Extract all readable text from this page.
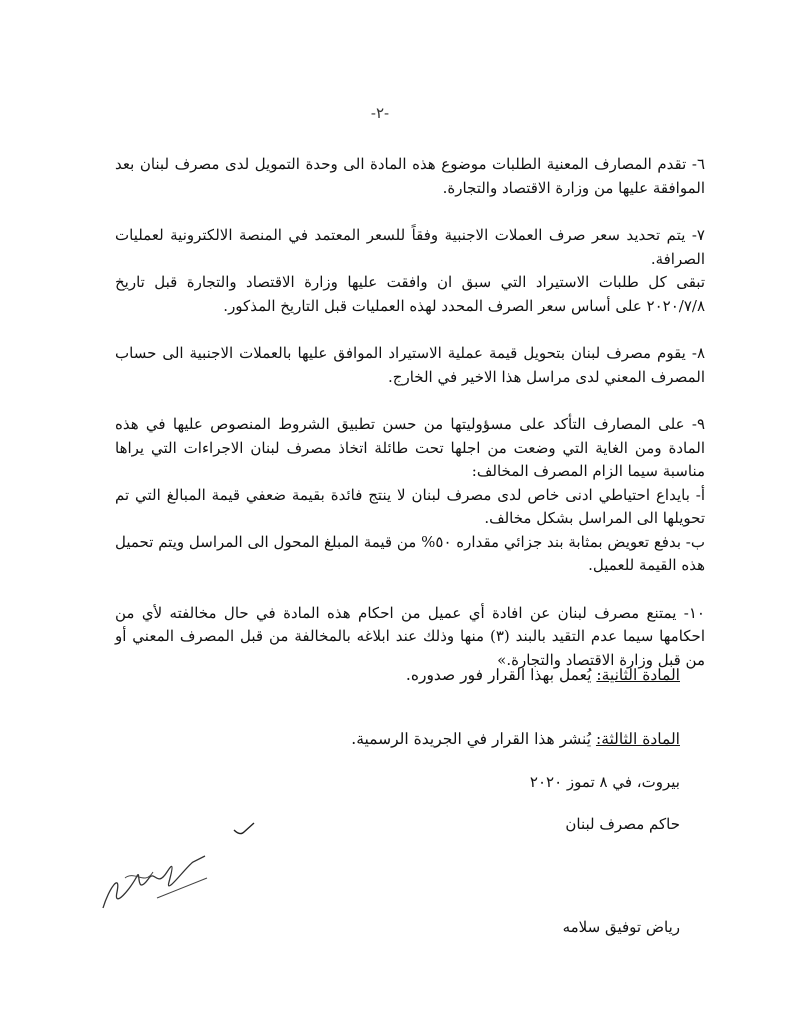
-٢-

٦- تقدم المصارف المعنية الطلبات موضوع هذه المادة الى وحدة التمويل لدى مصرف لبنان بعد الموافقة عليها من وزارة الاقتصاد والتجارة.

٧- يتم تحديد سعر صرف العملات الاجنبية وفقاً للسعر المعتمد في المنصة الالكترونية لعمليات الصرافة.

تبقى كل طلبات الاستيراد التي سبق ان وافقت عليها وزارة الاقتصاد والتجارة قبل تاريخ ٢٠٢٠/٧/٨ على أساس سعر الصرف المحدد لهذه العمليات قبل التاريخ المذكور.

٨- يقوم مصرف لبنان بتحويل قيمة عملية الاستيراد الموافق عليها بالعملات الاجنبية الى حساب المصرف المعني لدى مراسل هذا الاخير في الخارج.

٩- على المصارف التأكد على مسؤوليتها من حسن تطبيق الشروط المنصوص عليها في هذه المادة ومن الغاية التي وضعت من اجلها تحت طائلة اتخاذ مصرف لبنان الاجراءات التي يراها مناسبة سيما الزام المصرف المخالف:

أ- بايداع احتياطي ادنى خاص لدى مصرف لبنان لا ينتج فائدة بقيمة ضعفي قيمة المبالغ التي تم تحويلها الى المراسل بشكل مخالف.

ب- بدفع تعويض بمثابة بند جزائي مقداره ٥٠% من قيمة المبلغ المحول الى المراسل ويتم تحميل هذه القيمة للعميل.

١٠- يمتنع مصرف لبنان عن افادة أي عميل من احكام هذه المادة في حال مخالفته لأي من احكامها سيما عدم التقيد بالبند (٣) منها وذلك عند ابلاغه بالمخالفة من قبل المصرف المعني أو من قبل وزارة الاقتصاد والتجارة.»

المادة الثانية: يُعمل بهذا القرار فور صدوره.
المادة الثالثة: يُنشر هذا القرار في الجريدة الرسمية.
بيروت، في ٨ تموز ٢٠٢٠
حاكم مصرف لبنان
رياض توفيق سلامه
